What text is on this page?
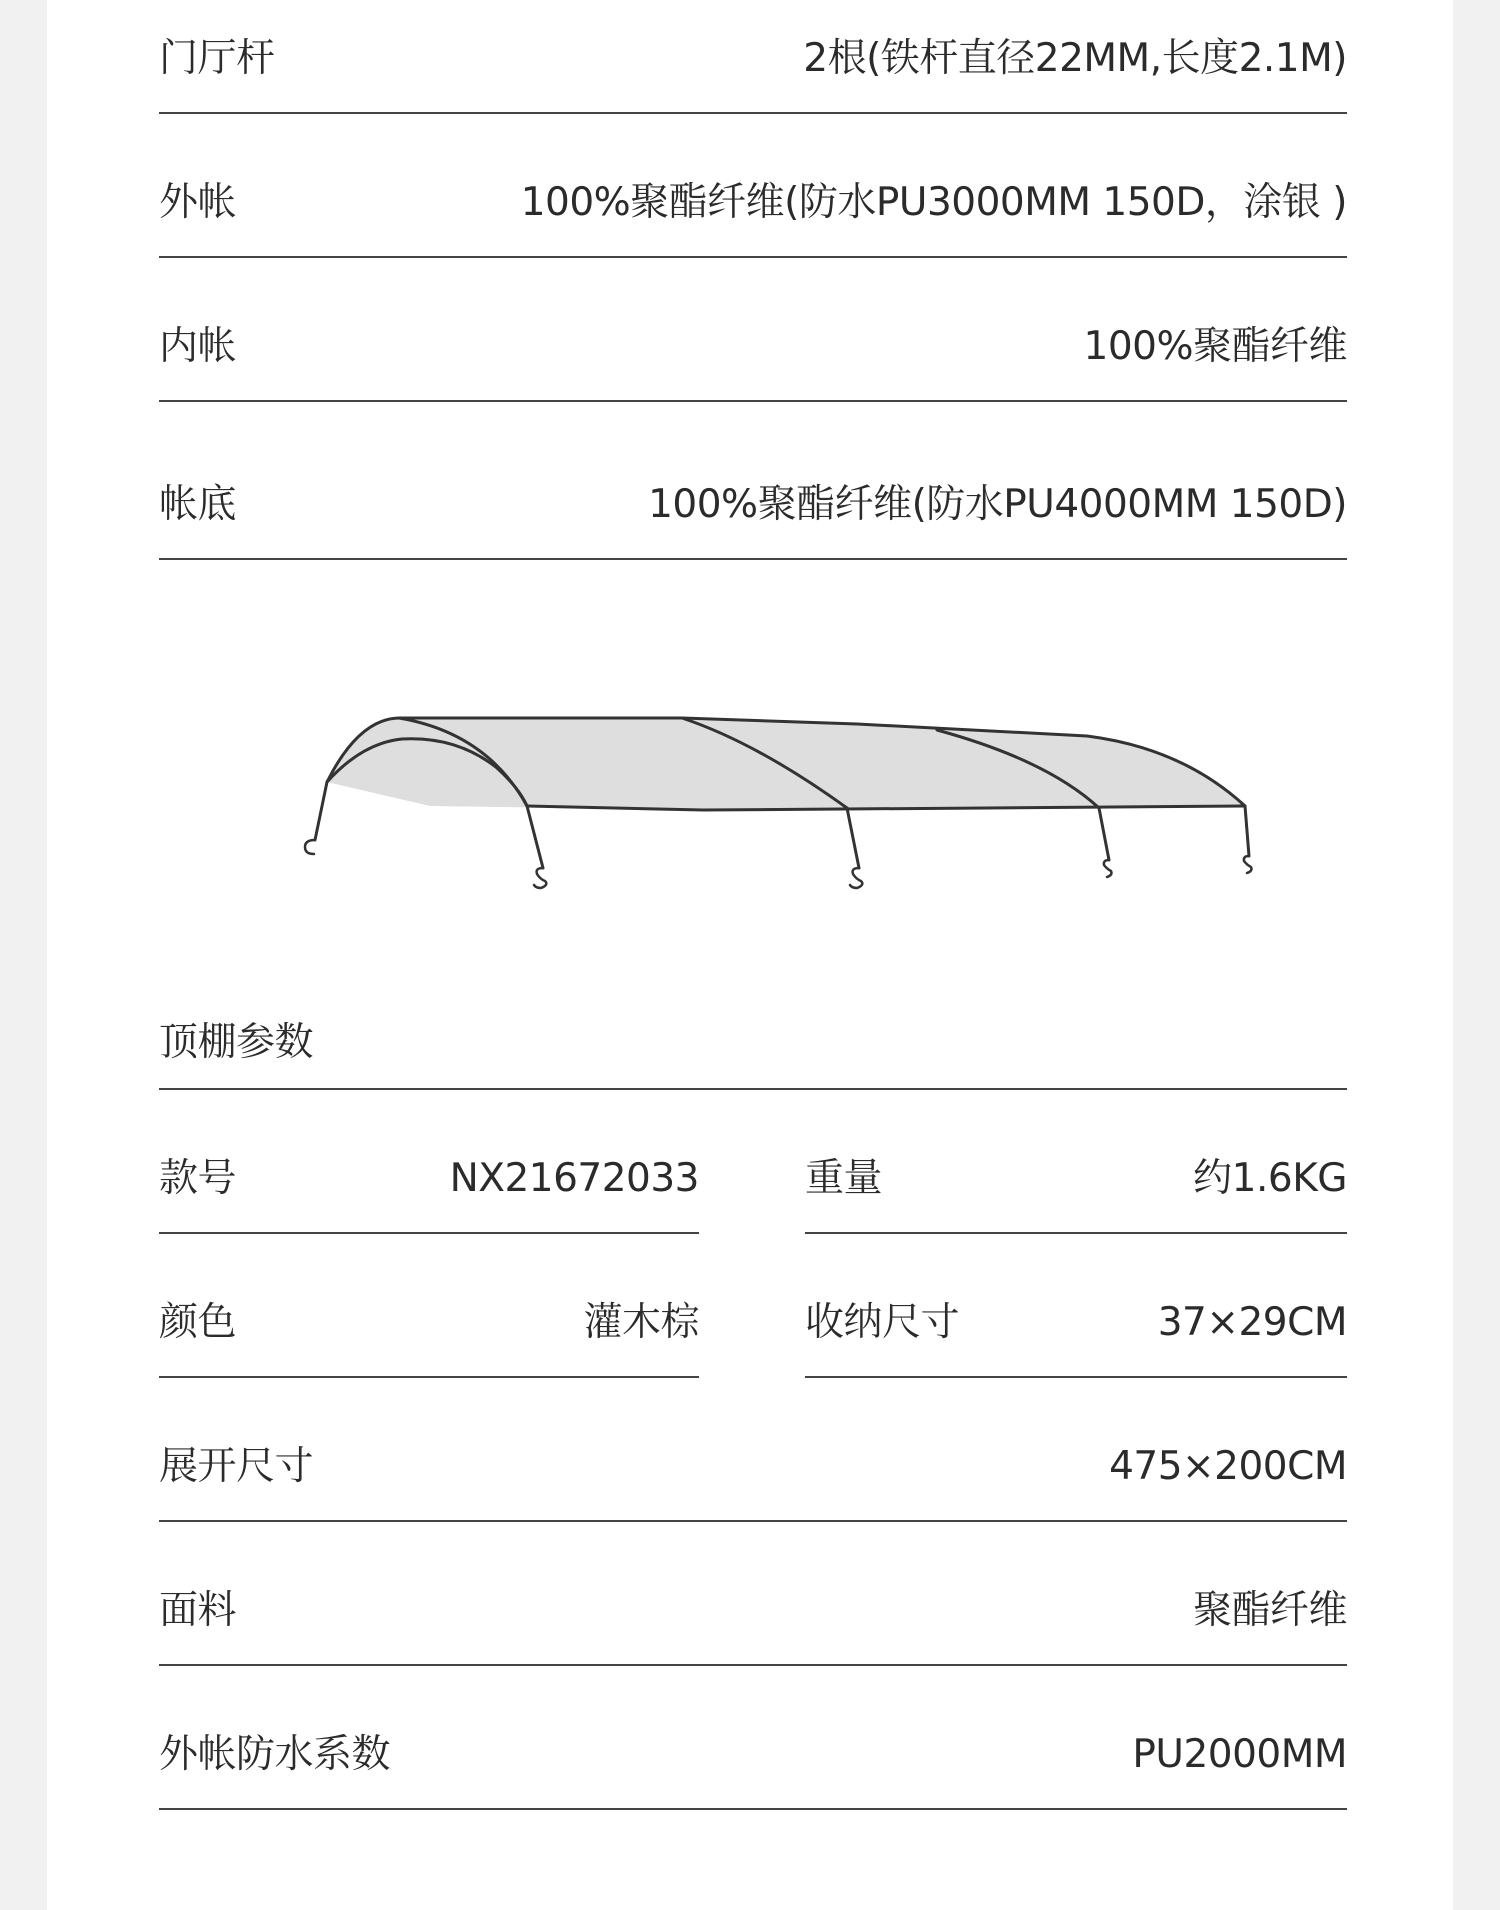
门厅杆	2根(铁杆直径22MM,长度2.1M)
外帐	100%聚酯纤维(防水PU3000MM 150D，涂银 )
内帐	100%聚酯纤维
帐底	100%聚酯纤维(防水PU4000MM 150D)
顶棚参数
款号	NX21672033	重量	约1.6KG
颜色	灌木棕	收纳尺寸	37×29CM
展开尺寸	475×200CM
面料	聚酯纤维
外帐防水系数	PU2000MM
